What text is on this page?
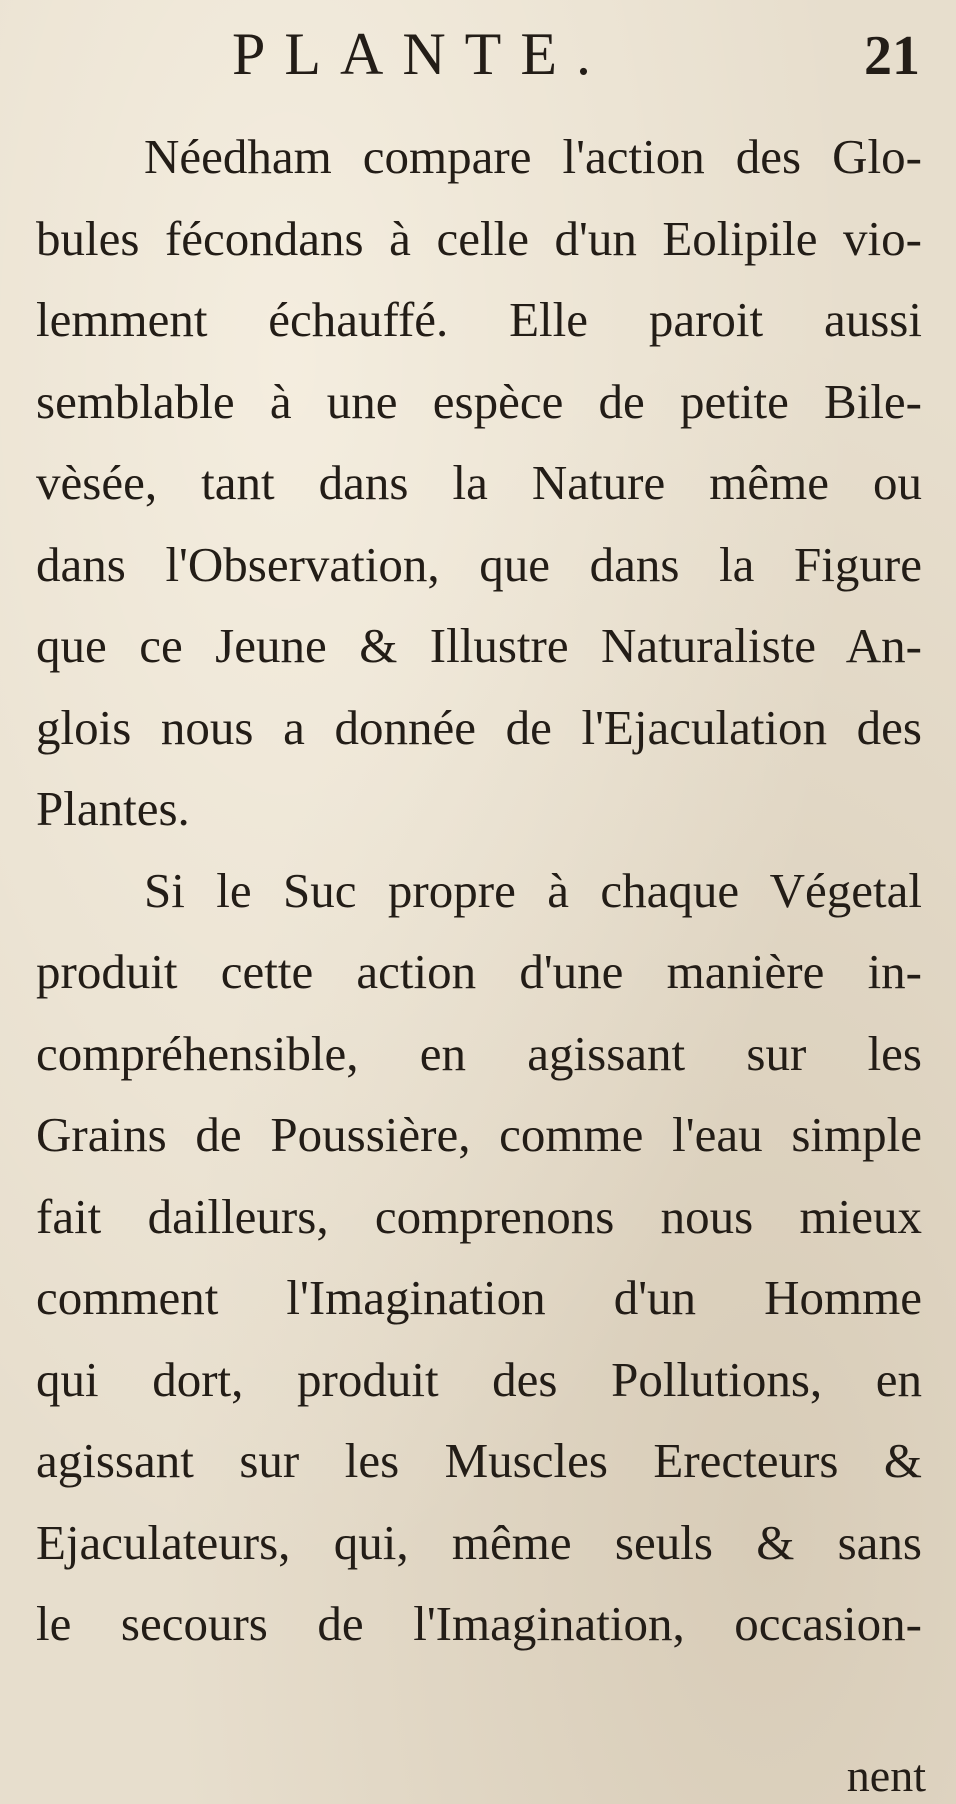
PLANTE.	21
Néedham compare l'action des Glo-
bules fécondans à celle d'un Eolipile vio-
lemment échauffé. Elle paroit aussi
semblable à une espèce de petite Bile-
vèsée, tant dans la Nature même ou
dans l'Observation, que dans la Figure
que ce Jeune & Illustre Naturaliste An-
glois nous a donnée de l'Ejaculation des
Plantes.
Si le Suc propre à chaque Végetal
produit cette action d'une manière in-
compréhensible, en agissant sur les
Grains de Poussière, comme l'eau simple
fait dailleurs, comprenons nous mieux
comment l'Imagination d'un Homme
qui dort, produit des Pollutions, en
agissant sur les Muscles Erecteurs &
Ejaculateurs, qui, même seuls & sans
le secours de l'Imagination, occasion-
nent
